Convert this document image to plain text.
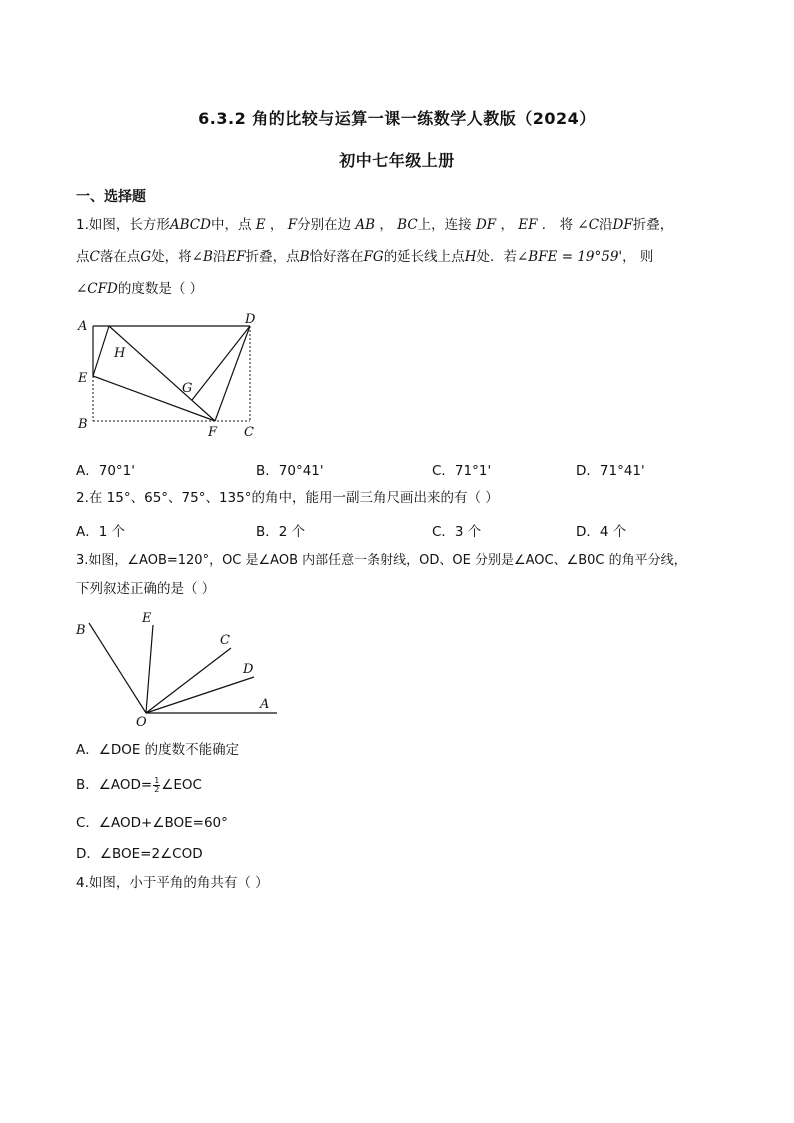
6.3.2 角的比较与运算一课一练数学人教版（2024）
初中七年级上册
一、选择题
1.如图，长方形ABCD中，点 E ， F分别在边 AB ， BC上，连接 DF ， EF ． 将 ∠C沿DF折叠，
点C落在点G处，将∠B沿EF折叠，点B恰好落在FG的延长线上点H处．若∠BFE = 19°59'， 则
∠CFD的度数是（ ）
A	D
H
E
G
B
F C
A．70°1'	B．70°41'	C．71°1'	D．71°41'
2.在 15°、65°、75°、135°的角中，能用一副三角尺画出来的有（ ）
A．1 个	B．2 个	C．3 个	D．4 个
3.如图，∠AOB=120°，OC 是∠AOB 内部任意一条射线，OD、OE 分别是∠AOC、∠B0C 的角平分线，
下列叙述正确的是（ ）
B
E
C
D
O
A
A．∠DOE 的度数不能确定
B．∠AOD= $\frac{1}{2}$ ∠EOC
C．∠AOD+∠BOE=60°
D．∠BOE=2∠COD
4.如图，小于平角的角共有（ ）
